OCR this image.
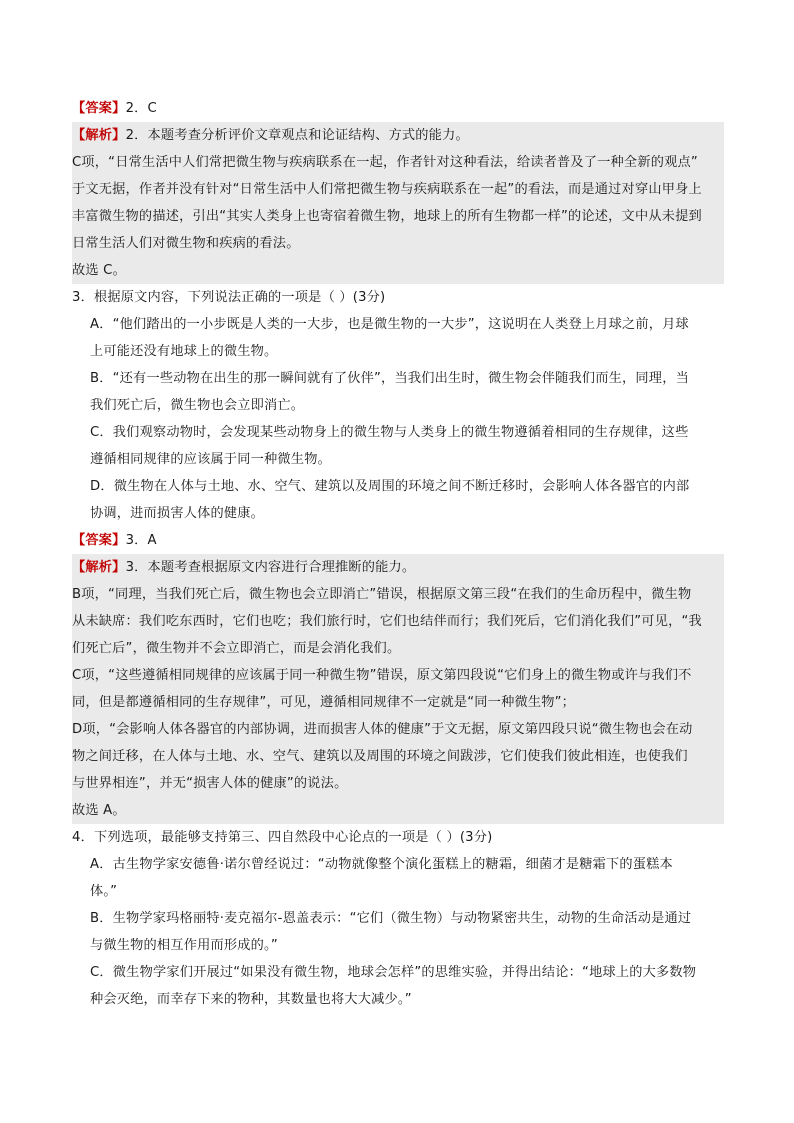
【答案】2．C
【解析】2．本题考查分析评价文章观点和论证结构、方式的能力。
C项，“日常生活中人们常把微生物与疾病联系在一起，作者针对这种看法，给读者普及了一种全新的观点”
于文无据，作者并没有针对“日常生活中人们常把微生物与疾病联系在一起”的看法，而是通过对穿山甲身上
丰富微生物的描述，引出“其实人类身上也寄宿着微生物，地球上的所有生物都一样”的论述，文中从未提到
日常生活人们对微生物和疾病的看法。
故选 C。
3．根据原文内容，下列说法正确的一项是（ ）(3分)
A．“他们踏出的一小步既是人类的一大步，也是微生物的一大步”，这说明在人类登上月球之前，月球
上可能还没有地球上的微生物。
B．“还有一些动物在出生的那一瞬间就有了伙伴”，当我们出生时，微生物会伴随我们而生，同理，当
我们死亡后，微生物也会立即消亡。
C．我们观察动物时，会发现某些动物身上的微生物与人类身上的微生物遵循着相同的生存规律，这些
遵循相同规律的应该属于同一种微生物。
D．微生物在人体与土地、水、空气、建筑以及周围的环境之间不断迁移时，会影响人体各器官的内部
协调，进而损害人体的健康。
【答案】3．A
【解析】3．本题考查根据原文内容进行合理推断的能力。
B项，“同理，当我们死亡后，微生物也会立即消亡”错误，根据原文第三段“在我们的生命历程中，微生物
从未缺席：我们吃东西时，它们也吃；我们旅行时，它们也结伴而行；我们死后，它们消化我们”可见，“我
们死亡后”，微生物并不会立即消亡，而是会消化我们。
C项，“这些遵循相同规律的应该属于同一种微生物”错误，原文第四段说“它们身上的微生物或许与我们不
同，但是都遵循相同的生存规律”，可见，遵循相同规律不一定就是“同一种微生物”；
D项，“会影响人体各器官的内部协调，进而损害人体的健康”于文无据，原文第四段只说“微生物也会在动
物之间迁移，在人体与土地、水、空气、建筑以及周围的环境之间跋涉，它们使我们彼此相连，也使我们
与世界相连”，并无“损害人体的健康”的说法。
故选 A。
4．下列选项，最能够支持第三、四自然段中心论点的一项是（ ）(3分)
A．古生物学家安德鲁·诺尔曾经说过：“动物就像整个演化蛋糕上的糖霜，细菌才是糖霜下的蛋糕本
体。”
B．生物学家玛格丽特·麦克福尔-恩盖表示：“它们（微生物）与动物紧密共生，动物的生命活动是通过
与微生物的相互作用而形成的。”
C．微生物学家们开展过“如果没有微生物，地球会怎样”的思维实验，并得出结论：“地球上的大多数物
种会灭绝，而幸存下来的物种，其数量也将大大减少。”
